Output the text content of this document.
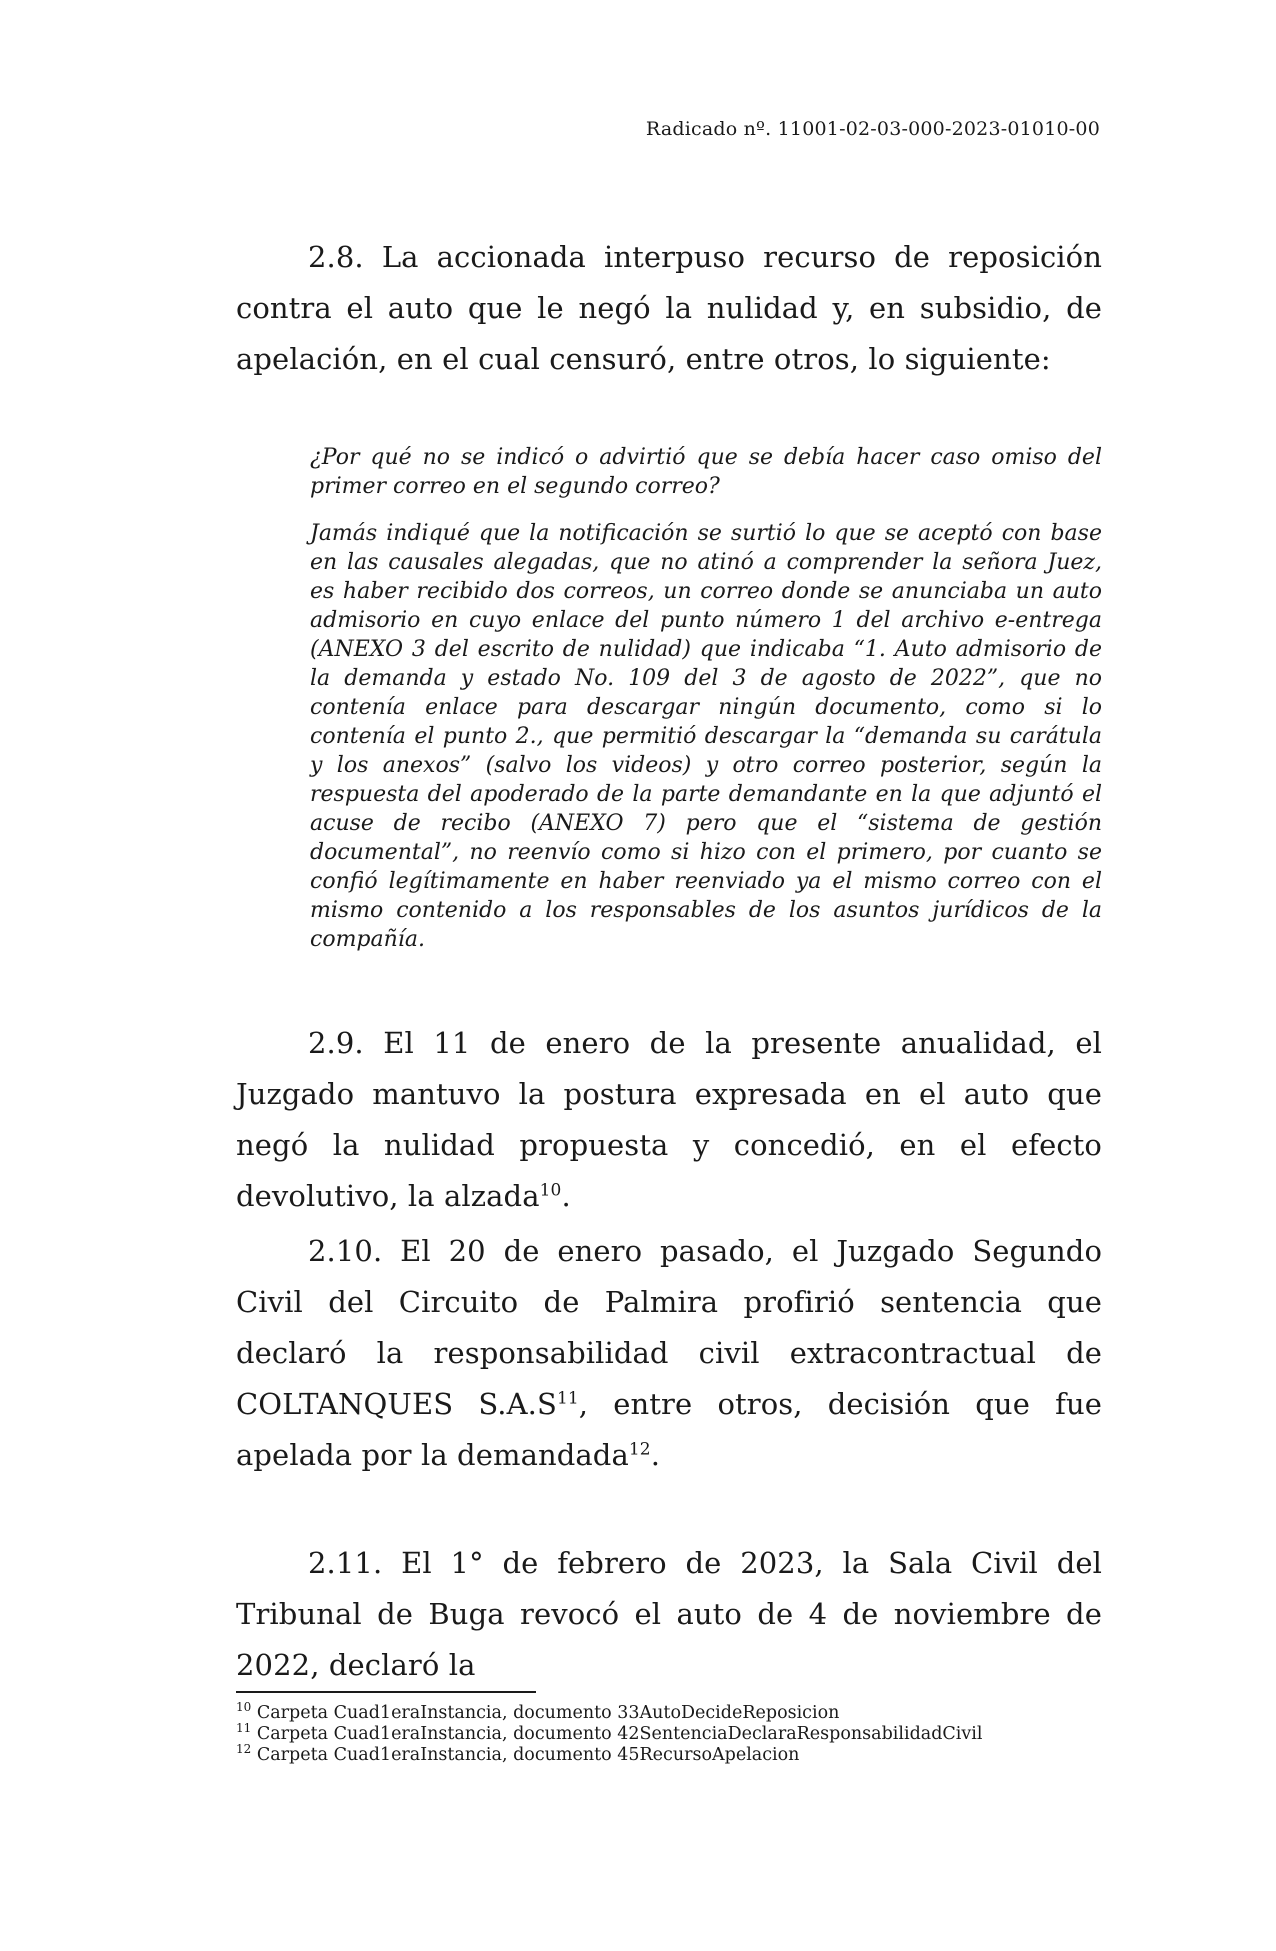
Radicado nº. 11001-02-03-000-2023-01010-00

2.8. La accionada interpuso recurso de reposición contra el auto que le negó la nulidad y, en subsidio, de apelación, en el cual censuró, entre otros, lo siguiente:

¿Por qué no se indicó o advirtió que se debía hacer caso omiso del primer correo en el segundo correo?

Jamás indiqué que la notificación se surtió lo que se aceptó con base en las causales alegadas, que no atinó a comprender la señora Juez, es haber recibido dos correos, un correo donde se anunciaba un auto admisorio en cuyo enlace del punto número 1 del archivo e-entrega (ANEXO 3 del escrito de nulidad) que indicaba “1. Auto admisorio de la demanda y estado No. 109 del 3 de agosto de 2022”, que no contenía enlace para descargar ningún documento, como si lo contenía el punto 2., que permitió descargar la “demanda su carátula y los anexos” (salvo los videos) y otro correo posterior, según la respuesta del apoderado de la parte demandante en la que adjuntó el acuse de recibo (ANEXO 7) pero que el “sistema de gestión documental”, no reenvío como si hizo con el primero, por cuanto se confió legítimamente en haber reenviado ya el mismo correo con el mismo contenido a los responsables de los asuntos jurídicos de la compañía.

2.9. El 11 de enero de la presente anualidad, el Juzgado mantuvo la postura expresada en el auto que negó la nulidad propuesta y concedió, en el efecto devolutivo, la alzada$^{10}$.

2.10. El 20 de enero pasado, el Juzgado Segundo Civil del Circuito de Palmira profirió sentencia que declaró la responsabilidad civil extracontractual de COLTANQUES $S.A.S^{11}$, entre otros, decisión que fue apelada por la demandada$^{12}$.

2.11. El 1° de febrero de 2023, la Sala Civil del Tribunal de Buga revocó el auto de 4 de noviembre de 2022, declaró la

$^{10}$ Carpeta Cuad1eraInstancia, documento 33AutoDecideReposicion

$^{11}$ Carpeta Cuad1eraInstancia, documento 42SentenciaDeclaraResponsabilidadCivil

$^{12}$ Carpeta Cuad1eraInstancia, documento 45RecursoApelacion
